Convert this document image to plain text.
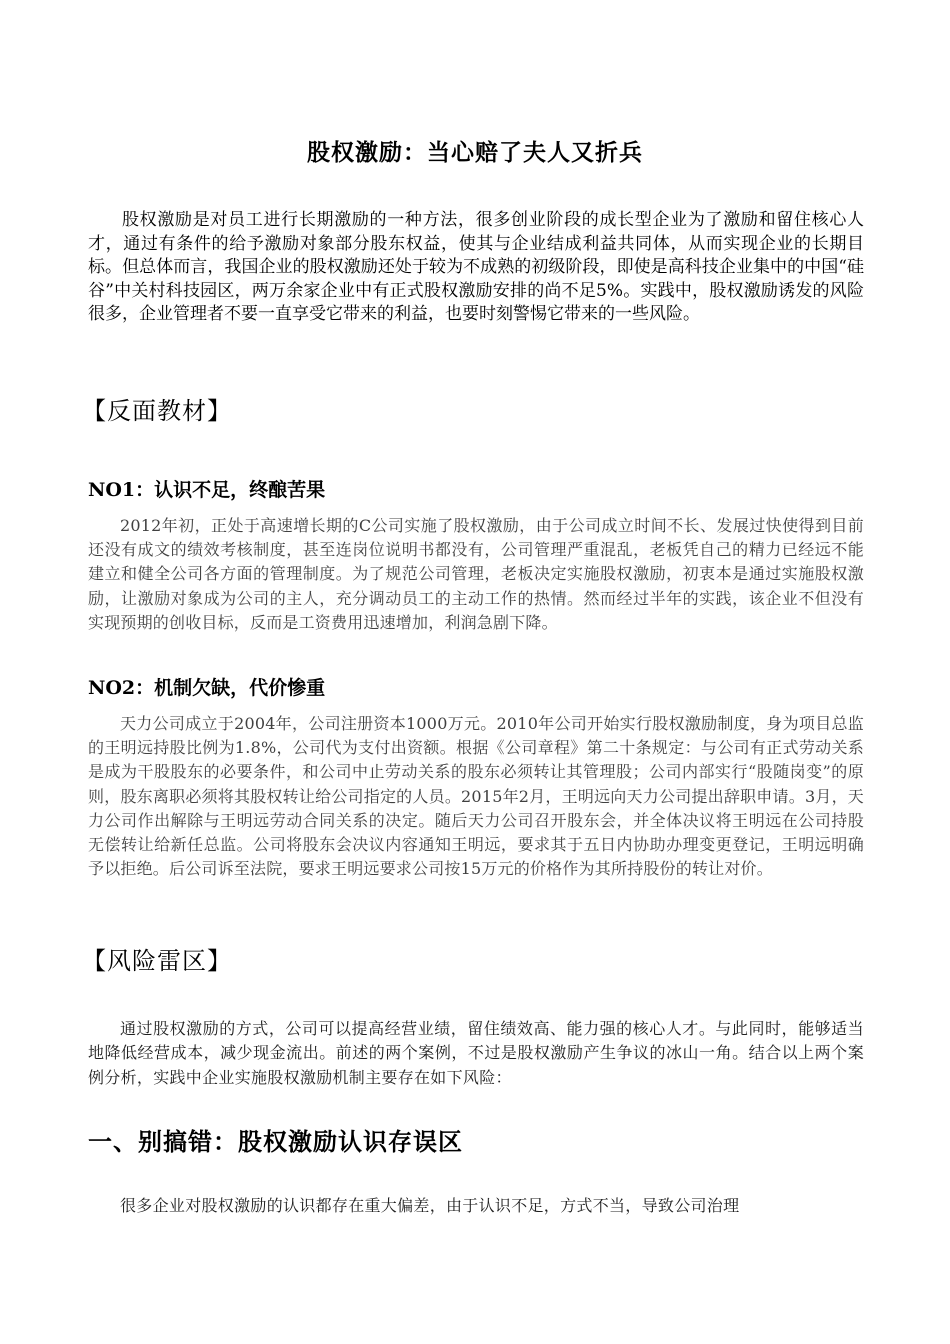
股权激励：当心赔了夫人又折兵

股权激励是对员工进行长期激励的一种方法，很多创业阶段的成长型企业为了激励和留住核心人才，通过有条件的给予激励对象部分股东权益，使其与企业结成利益共同体，从而实现企业的长期目标。但总体而言，我国企业的股权激励还处于较为不成熟的初级阶段，即使是高科技企业集中的中国“硅谷”中关村科技园区，两万余家企业中有正式股权激励安排的尚不足5%。实践中，股权激励诱发的风险很多，企业管理者不要一直享受它带来的利益，也要时刻警惕它带来的一些风险。

【反面教材】
NO1：认识不足，终酿苦果

2012年初，正处于高速增长期的C公司实施了股权激励，由于公司成立时间不长、发展过快使得到目前还没有成文的绩效考核制度，甚至连岗位说明书都没有，公司管理严重混乱，老板凭自己的精力已经远不能建立和健全公司各方面的管理制度。为了规范公司管理，老板决定实施股权激励，初衷本是通过实施股权激励，让激励对象成为公司的主人，充分调动员工的主动工作的热情。然而经过半年的实践，该企业不但没有实现预期的创收目标，反而是工资费用迅速增加，利润急剧下降。

NO2：机制欠缺，代价惨重

天力公司成立于2004年，公司注册资本1000万元。2010年公司开始实行股权激励制度，身为项目总监的王明远持股比例为1.8%，公司代为支付出资额。根据《公司章程》第二十条规定：与公司有正式劳动关系是成为干股股东的必要条件，和公司中止劳动关系的股东必须转让其管理股；公司内部实行“股随岗变”的原则，股东离职必须将其股权转让给公司指定的人员。2015年2月，王明远向天力公司提出辞职申请。3月，天力公司作出解除与王明远劳动合同关系的决定。随后天力公司召开股东会，并全体决议将王明远在公司持股无偿转让给新任总监。公司将股东会决议内容通知王明远，要求其于五日内协助办理变更登记，王明远明确予以拒绝。后公司诉至法院，要求王明远要求公司按15万元的价格作为其所持股份的转让对价。

【风险雷区】

通过股权激励的方式，公司可以提高经营业绩，留住绩效高、能力强的核心人才。与此同时，能够适当地降低经营成本，减少现金流出。前述的两个案例，不过是股权激励产生争议的冰山一角。结合以上两个案例分析，实践中企业实施股权激励机制主要存在如下风险：

一、别搞错：股权激励认识存误区

很多企业对股权激励的认识都存在重大偏差，由于认识不足，方式不当，导致公司治理
